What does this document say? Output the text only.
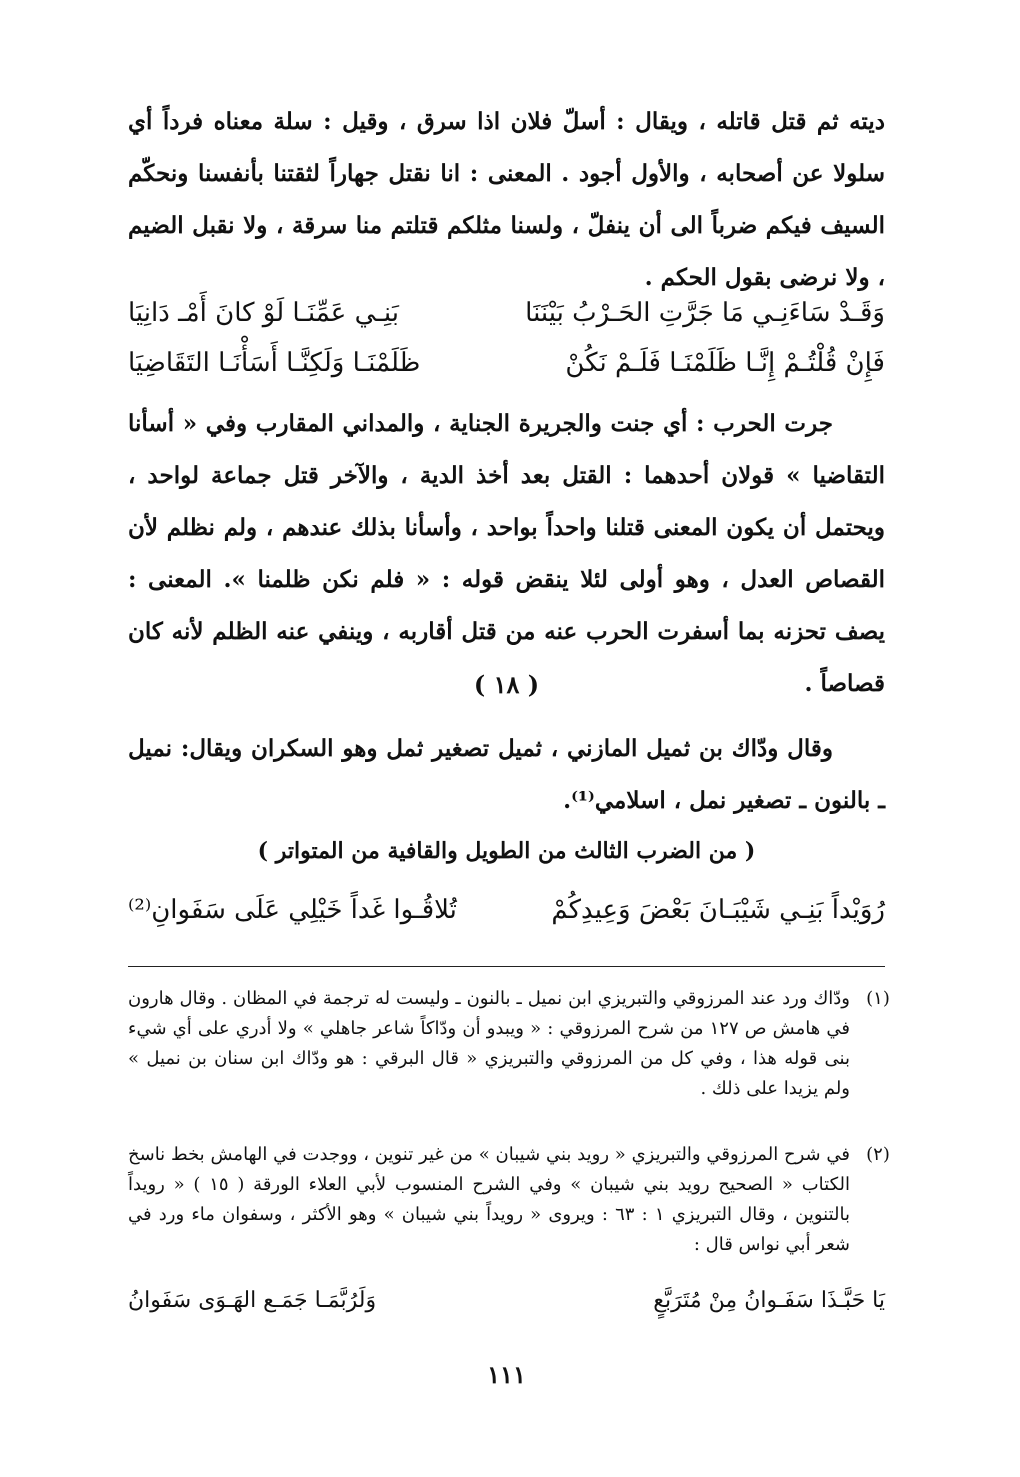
ديته ثم قتل قاتله ، ويقال : أسلّ فلان اذا سرق ، وقيل : سلة معناه فرداً أي سلولا عن أصحابه ، والأول أجود . المعنى : انا نقتل جهاراً لثقتنا بأنفسنا ونحكّم السيف فيكم ضرباً الى أن ينفلّ ، ولسنا مثلكم قتلتم منا سرقة ، ولا نقبل الضيم ، ولا نرضى بقول الحكم .
وَقَـدْ سَاءَنِـي مَا جَرَّتِ الحَـرْبُ بَيْنَنَا
بَنِـي عَمِّنَـا لَوْ كانَ أَمْـ دَانِيَا
فَإِنْ قُلْتُـمْ إِنَّـا ظَلَمْنَـا فَلَـمْ نَكُنْ
ظَلَمْنَـا وَلَكِنَّـا أَسَأْنَـا التَقَاضِيَا
جرت الحرب : أي جنت والجريرة الجناية ، والمداني المقارب وفي « أسأنا التقاضيا » قولان أحدهما : القتل بعد أخذ الدية ، والآخر قتل جماعة لواحد ، ويحتمل أن يكون المعنى قتلنا واحداً بواحد ، وأسأنا بذلك عندهم ، ولم نظلم لأن القصاص العدل ، وهو أولى لئلا ينقض قوله : « فلم نكن ظلمنا ». المعنى : يصف تحزنه بما أسفرت الحرب عنه من قتل أقاربه ، وينفي عنه الظلم لأنه كان قصاصاً .
( ١٨ )
وقال ودّاك بن ثميل المازني ، ثميل تصغير ثمل وهو السكران ويقال: نميل ـ بالنون ـ تصغير نمل ، اسلامي⁽¹⁾.
( من الضرب الثالث من الطويل والقافية من المتواتر )
رُوَيْداً بَنِـي شَيْبَـانَ بَعْضَ وَعِيدِكُمْ
تُلاقُـوا غَداً خَيْلِي عَلَى سَفَوانِ⁽²⁾
(١)
ودّاك ورد عند المرزوقي والتبريزي ابن نميل ـ بالنون ـ وليست له ترجمة في المظان . وقال هارون في هامش ص ١٢٧ من شرح المرزوقي : « ويبدو أن ودّاكاً شاعر جاهلي » ولا أدري على أي شيء بنى قوله هذا ، وفي كل من المرزوقي والتبريزي « قال البرقي : هو ودّاك ابن سنان بن نميل » ولم يزيدا على ذلك .
(٢)
في شرح المرزوقي والتبريزي « رويد بني شيبان » من غير تنوين ، ووجدت في الهامش بخط ناسخ الكتاب « الصحيح رويد بني شيبان » وفي الشرح المنسوب لأبي العلاء الورقة ( ١٥ ) « رويداً بالتنوين ، وقال التبريزي ١ : ٦٣ : ويروى « رويداً بني شيبان » وهو الأكثر ، وسفوان ماء ورد في شعر أبي نواس قال :
يَا حَبَّـذَا سَفَـوانُ مِنْ مُتَرَبَّعٍ
وَلَرُبَّمَـا جَمَـع الهَـوَى سَفَوانُ
١١١
